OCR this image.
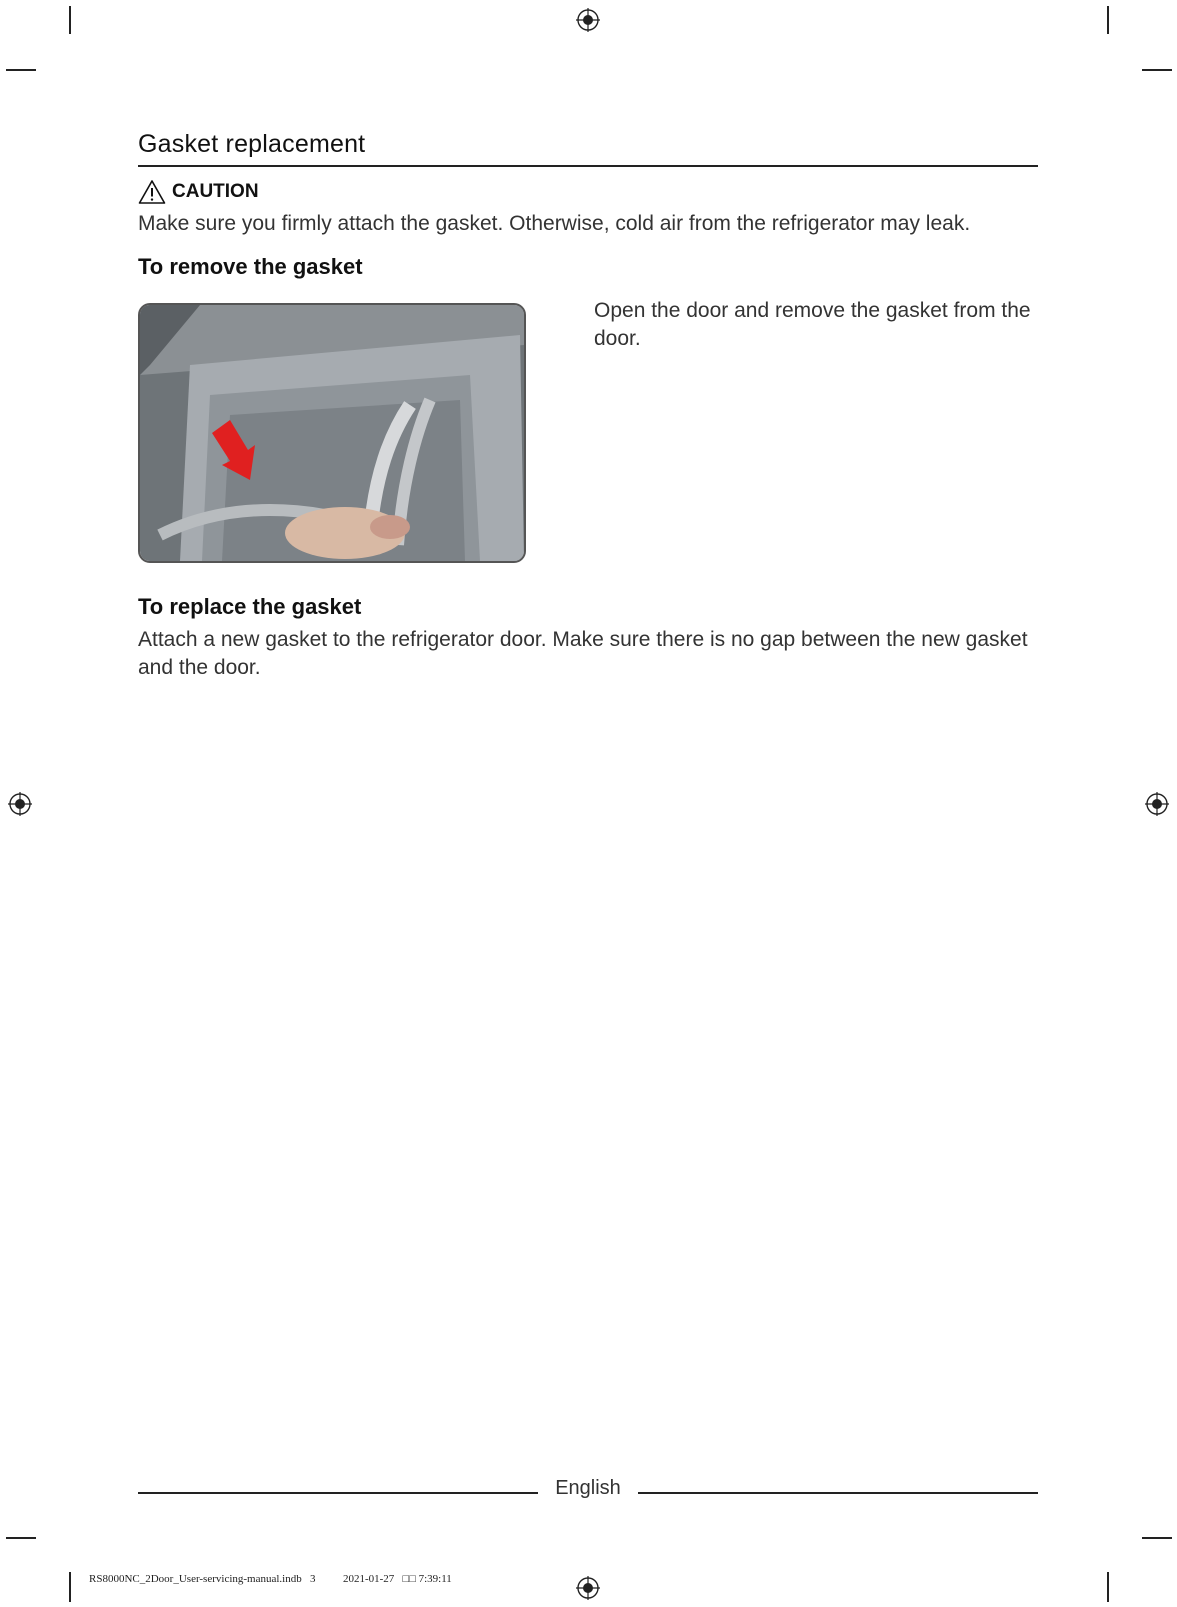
Gasket replacement
CAUTION
Make sure you firmly attach the gasket. Otherwise, cold air from the refrigerator may leak.
To remove the gasket
Open the door and remove the gasket from the door.
To replace the gasket
Attach a new gasket to the refrigerator door. Make sure there is no gap between the new gasket and the door.
English
RS8000NC_2Door_User-servicing-manual.indb   3          2021-01-27   □□ 7:39:11
